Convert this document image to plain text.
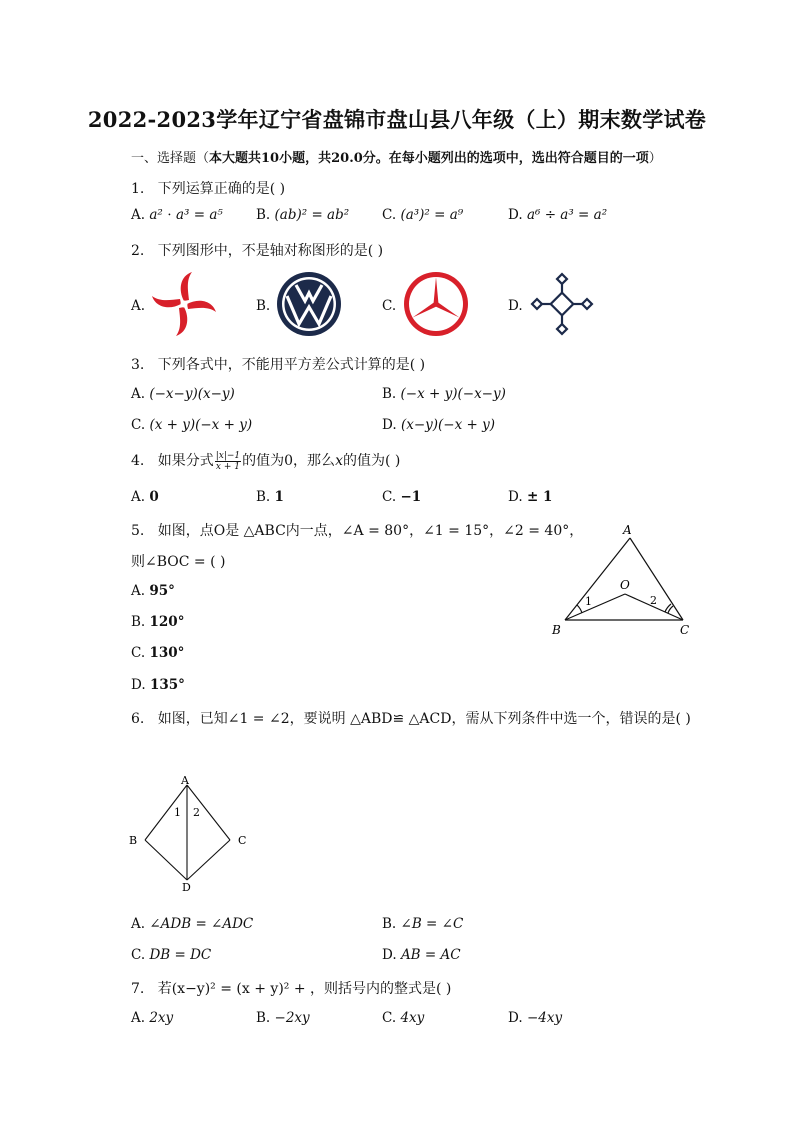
2022-2023学年辽宁省盘锦市盘山县八年级（上）期末数学试卷
一、选择题（本大题共10小题，共20.0分。在每小题列出的选项中，选出符合题目的一项）
1. 下列运算正确的是( )
A. a² ⋅ a³ = a⁵ B. (ab)² = ab² C. (a³)² = a⁹	D. a⁶ ÷ a³ = a²
2. 下列图形中，不是轴对称图形的是( )
A.	B.	C.	D.
3. 下列各式中，不能用平方差公式计算的是( )
A. (−x−y)(x−y)	B. (−x + y)(−x−y)
C. (x + y)(−x + y)	D. (x−y)(−x + y)
4. 如果分式 $\frac{|x|-1}{x + 1}$ 的值为0，那么x的值为( )
A. 0	B. 1	C. −1	D. ± 1
5. 如图，点O是 △ABC内一点，∠A = 80°，∠1 = 15°，∠2 = 40°，
则∠BOC = ( )
A. 95°
B. 120°
C. 130°
D. 135°
A
B	C
O
1	2
6. 如图，已知∠1 = ∠2，要说明 △ABD≌ △ACD，需从下列条件中选一个，错误的是( )
A
B	C
D
1 2
A. ∠ADB = ∠ADC	B. ∠B = ∠C
C. DB = DC	D. AB = AC
7. 若(x−y)² = (x + y)² + ，则括号内的整式是( )
A. 2xy	B. −2xy	C. 4xy	D. −4xy
